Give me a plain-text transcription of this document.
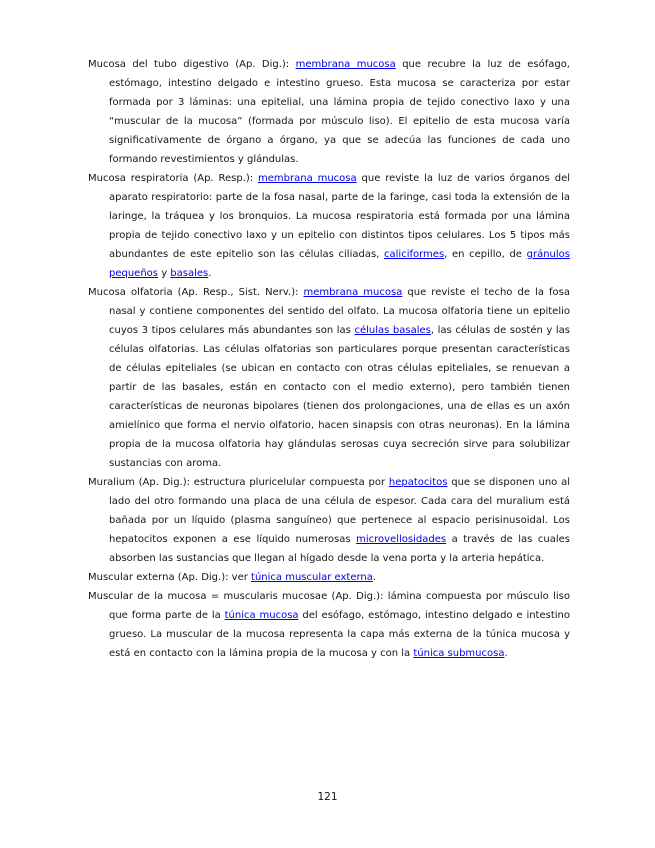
Mucosa del tubo digestivo (Ap. Dig.): membrana mucosa que recubre la luz de esófago, estómago, intestino delgado e intestino grueso. Esta mucosa se caracteriza por estar formada por 3 láminas: una epitelial, una lámina propia de tejido conectivo laxo y una “muscular de la mucosa” (formada por músculo liso). El epitelio de esta mucosa varía significativamente de órgano a órgano, ya que se adecúa las funciones de cada uno formando revestimientos y glándulas.

Mucosa respiratoria (Ap. Resp.): membrana mucosa que reviste la luz de varios órganos del aparato respiratorio: parte de la fosa nasal, parte de la faringe, casi toda la extensión de la laringe, la tráquea y los bronquios. La mucosa respiratoria está formada por una lámina propia de tejido conectivo laxo y un epitelio con distintos tipos celulares. Los 5 tipos más abundantes de este epitelio son las células ciliadas, caliciformes, en cepillo, de gránulos pequeños y basales.

Mucosa olfatoria (Ap. Resp., Sist. Nerv.): membrana mucosa que reviste el techo de la fosa nasal y contiene componentes del sentido del olfato. La mucosa olfatoria tiene un epitelio cuyos 3 tipos celulares más abundantes son las células basales, las células de sostén y las células olfatorias. Las células olfatorias son particulares porque presentan características de células epiteliales (se ubican en contacto con otras células epiteliales, se renuevan a partir de las basales, están en contacto con el medio externo), pero también tienen características de neuronas bipolares (tienen dos prolongaciones, una de ellas es un axón amielínico que forma el nervio olfatorio, hacen sinapsis con otras neuronas). En la lámina propia de la mucosa olfatoria hay glándulas serosas cuya secreción sirve para solubilizar sustancias con aroma.

Muralium (Ap. Dig.): estructura pluricelular compuesta por hepatocitos que se disponen uno al lado del otro formando una placa de una célula de espesor. Cada cara del muralium está bañada por un líquido (plasma sanguíneo) que pertenece al espacio perisinusoidal. Los hepatocitos exponen a ese líquido numerosas microvellosidades a través de las cuales absorben las sustancias que llegan al hígado desde la vena porta y la arteria hepática.

Muscular externa (Ap. Dig.): ver túnica muscular externa.

Muscular de la mucosa = muscularis mucosae (Ap. Dig.): lámina compuesta por músculo liso que forma parte de la túnica mucosa del esófago, estómago, intestino delgado e intestino grueso. La muscular de la mucosa representa la capa más externa de la túnica mucosa y está en contacto con la lámina propia de la mucosa y con la túnica submucosa.

121
